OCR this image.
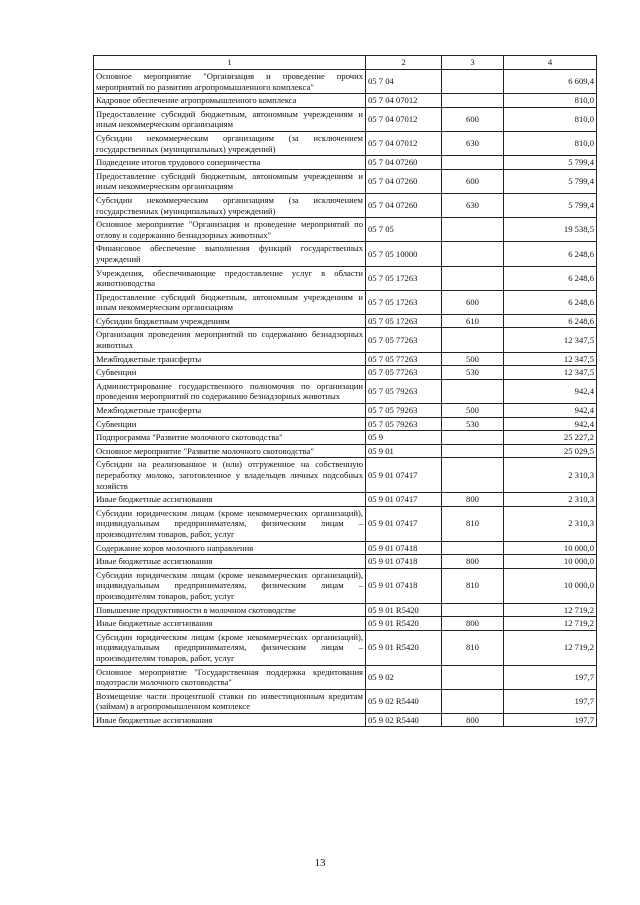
1	2	3	4
Основное мероприятие "Организация и проведение прочих мероприятий по развитию агропромышленного комплекса"	05 7 04		6 609,4
Кадровое обеспечение агропромышленного комплекса	05 7 04 07012		810,0
Предоставление субсидий бюджетным, автономным учреждениям и иным некоммерческим организациям	05 7 04 07012	600	810,0
Субсидии некоммерческим организациям (за исключением государственных (муниципальных) учреждений)	05 7 04 07012	630	810,0
Подведение итогов трудового соперничества	05 7 04 07260		5 799,4
Предоставление субсидий бюджетным, автономным учреждениям и иным некоммерческим организациям	05 7 04 07260	600	5 799,4
Субсидии некоммерческим организациям (за исключением государственных (муниципальных) учреждений)	05 7 04 07260	630	5 799,4
Основное мероприятие "Организация и проведение мероприятий по отлову и содержанию безнадзорных животных"	05 7 05		19 538,5
Финансовое обеспечение выполнения функций государственных учреждений	05 7 05 10000		6 248,6
Учреждения, обеспечивающие предоставление услуг в области животноводства	05 7 05 17263		6 248,6
Предоставление субсидий бюджетным, автономным учреждениям и иным некоммерческим организациям	05 7 05 17263	600	6 248,6
Субсидии бюджетным учреждениям	05 7 05 17263	610	6 248,6
Организация проведения мероприятий по содержанию безнадзорных животных	05 7 05 77263		12 347,5
Межбюджетные трансферты	05 7 05 77263	500	12 347,5
Субвенции	05 7 05 77263	530	12 347,5
Администрирование государственного полномочия по организации проведения мероприятий по содержанию безнадзорных животных	05 7 05 79263		942,4
Межбюджетные трансферты	05 7 05 79263	500	942,4
Субвенции	05 7 05 79263	530	942,4
Подпрограмма "Развитие молочного скотоводства"	05 9		25 227,2
Основное мероприятие "Развитие молочного скотоводства"	05 9 01		25 029,5
Субсидии на реализованное и (или) отгруженное на собственную переработку молоко, заготовленное у владельцев личных подсобных хозяйств	05 9 01 07417		2 310,3
Иные бюджетные ассигнования	05 9 01 07417	800	2 310,3
Субсидии юридическим лицам (кроме некоммерческих организаций), индивидуальным предпринимателям, физическим лицам – производителям товаров, работ, услуг	05 9 01 07417	810	2 310,3
Содержание коров молочного направления	05 9 01 07418		10 000,0
Иные бюджетные ассигнования	05 9 01 07418	800	10 000,0
Субсидии юридическим лицам (кроме некоммерческих организаций), индивидуальным предпринимателям, физическим лицам – производителям товаров, работ, услуг	05 9 01 07418	810	10 000,0
Повышение продуктивности в молочном скотоводстве	05 9 01 R5420		12 719,2
Иные бюджетные ассигнования	05 9 01 R5420	800	12 719,2
Субсидии юридическим лицам (кроме некоммерческих организаций), индивидуальным предпринимателям, физическим лицам – производителям товаров, работ, услуг	05 9 01 R5420	810	12 719,2
Основное мероприятие "Государственная поддержка кредитования подотрасли молочного скотоводства"	05 9 02		197,7
Возмещение части процентной ставки по инвестиционным кредитам (займам) в агропромышленном комплексе	05 9 02 R5440		197,7
Иные бюджетные ассигнования	05 9 02 R5440	800	197,7
13
